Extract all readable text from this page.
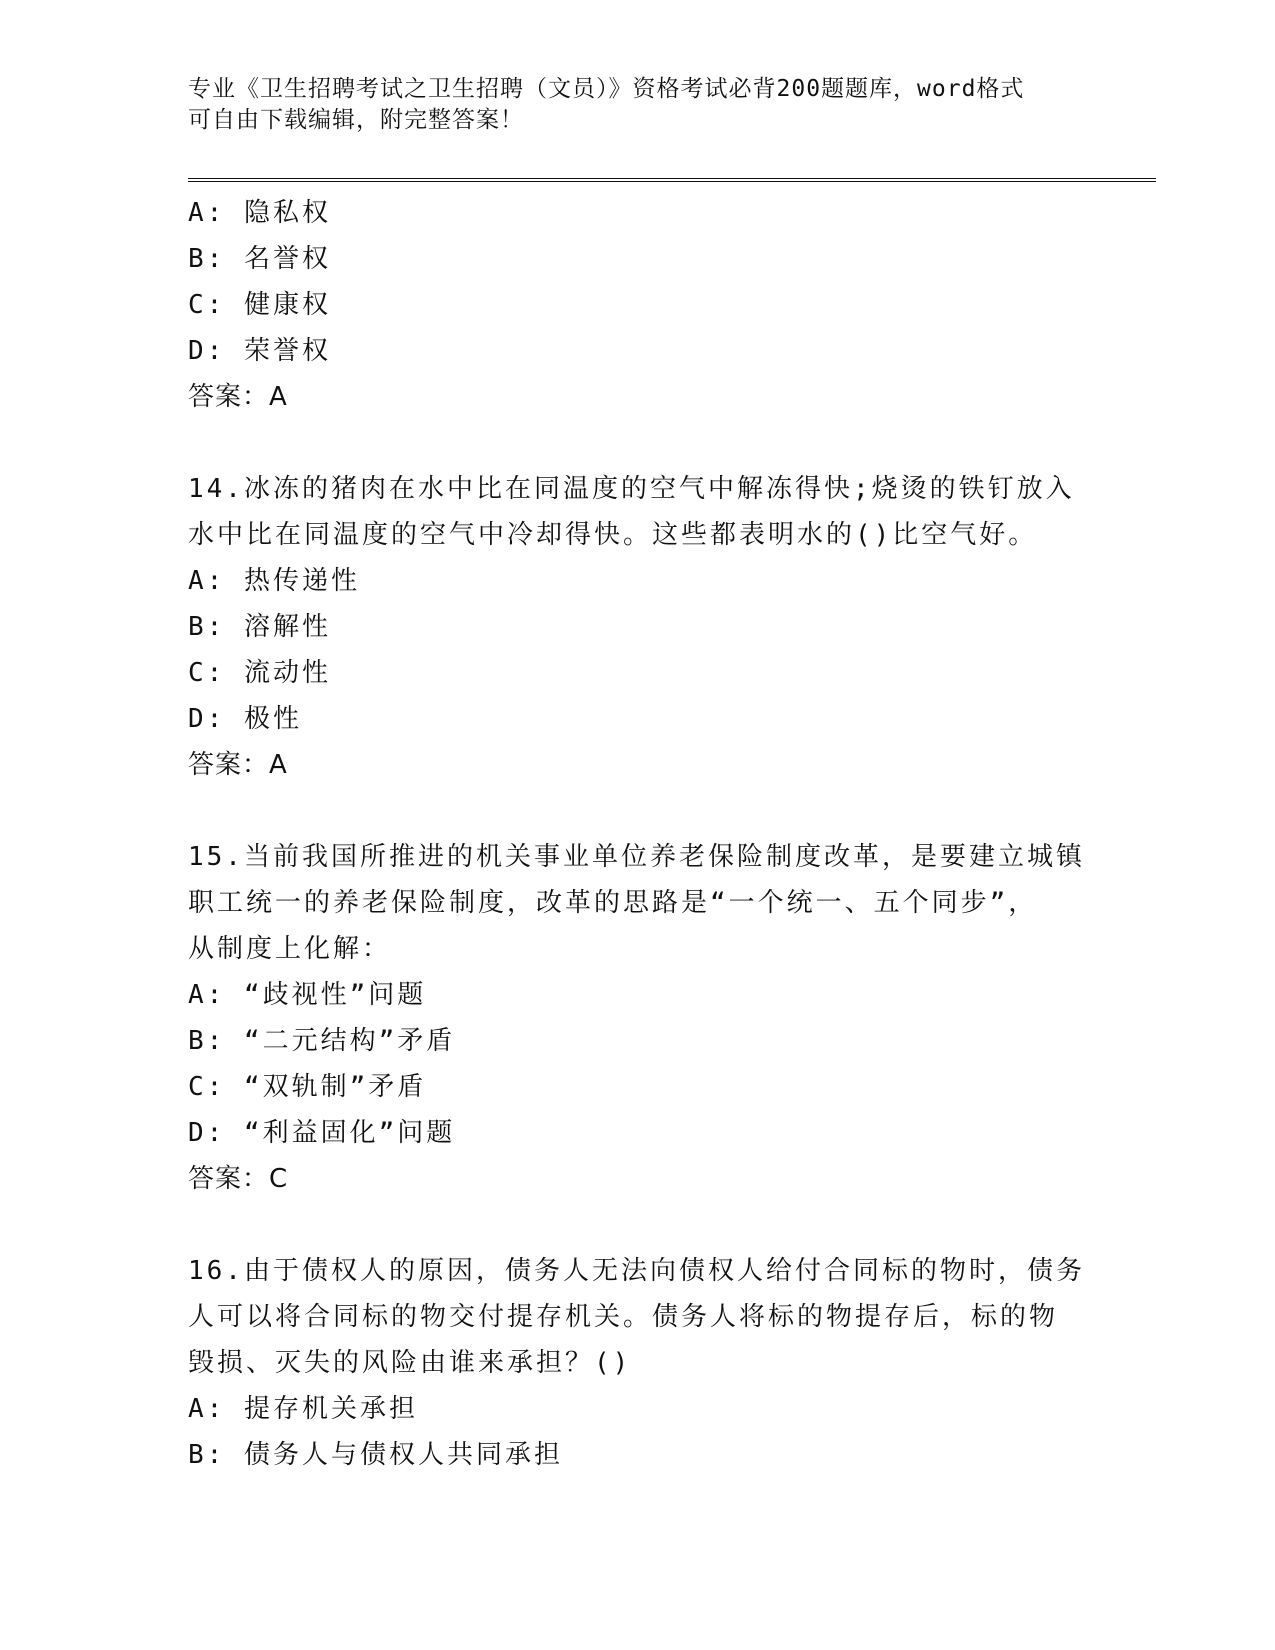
专业《卫生招聘考试之卫生招聘（文员）》资格考试必背200题题库，word格式
可自由下载编辑，附完整答案！
A: 隐私权
B: 名誉权
C: 健康权
D: 荣誉权
答案：A
14.冰冻的猪肉在水中比在同温度的空气中解冻得快;烧烫的铁钉放入
水中比在同温度的空气中冷却得快。这些都表明水的()比空气好。
A: 热传递性
B: 溶解性
C: 流动性
D: 极性
答案：A
15.当前我国所推进的机关事业单位养老保险制度改革，是要建立城镇
职工统一的养老保险制度，改革的思路是“一个统一、五个同步”，
从制度上化解：
A: “歧视性”问题
B: “二元结构”矛盾
C: “双轨制”矛盾
D: “利益固化”问题
答案：C
16.由于债权人的原因，债务人无法向债权人给付合同标的物时，债务
人可以将合同标的物交付提存机关。债务人将标的物提存后，标的物
毁损、灭失的风险由谁来承担？()
A: 提存机关承担
B: 债务人与债权人共同承担
